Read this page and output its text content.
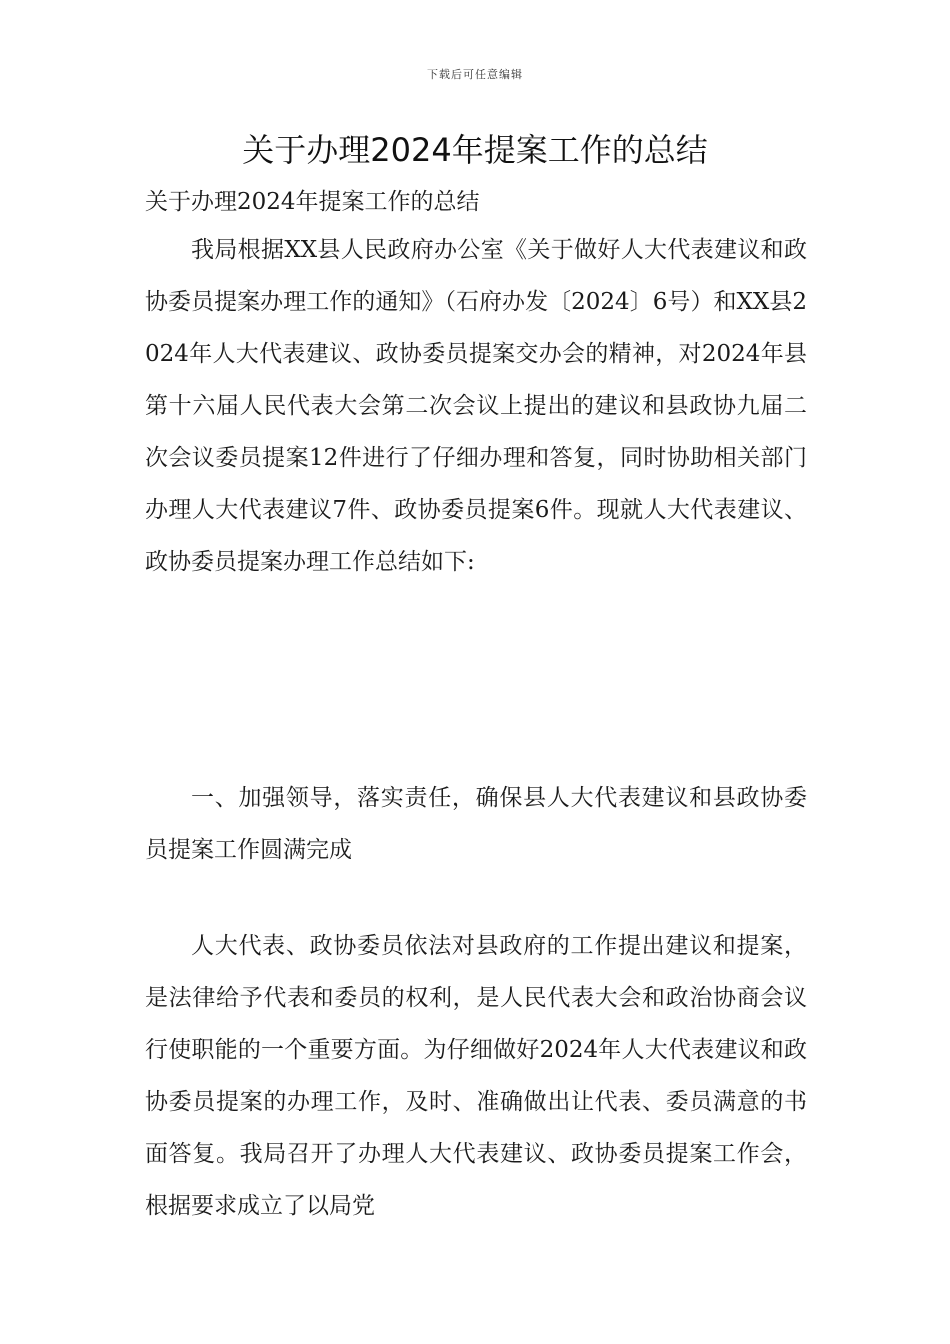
下载后可任意编辑
关于办理2024年提案工作的总结

关于办理2024年提案工作的总结

我局根据XX县人民政府办公室《关于做好人大代表建议和政协委员提案办理工作的通知》（石府办发〔2024〕6号）和XX县2024年人大代表建议、政协委员提案交办会的精神，对2024年县第十六届人民代表大会第二次会议上提出的建议和县政协九届二次会议委员提案12件进行了仔细办理和答复，同时协助相关部门办理人大代表建议7件、政协委员提案6件。现就人大代表建议、政协委员提案办理工作总结如下:

一、加强领导，落实责任，确保县人大代表建议和县政协委员提案工作圆满完成

人大代表、政协委员依法对县政府的工作提出建议和提案，是法律给予代表和委员的权利，是人民代表大会和政治协商会议行使职能的一个重要方面。为仔细做好2024年人大代表建议和政协委员提案的办理工作，及时、准确做出让代表、委员满意的书面答复。我局召开了办理人大代表建议、政协委员提案工作会，根据要求成立了以局党
